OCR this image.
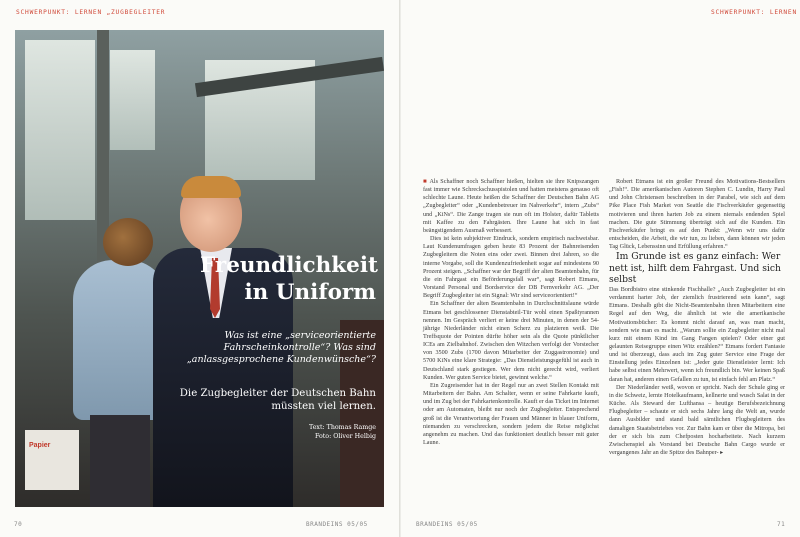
SCHWERPUNKT: LERNEN „ZUGBEGLEITER	SCHWERPUNKT: LERNEN
Papier
Freundlichkeit
in Uniform
Was ist eine „serviceorientierte Fahrscheinkontrolle“? Was sind „anlassgesprochene Kundenwünsche“?
Die Zugbegleiter der Deutschen Bahn müssten viel lernen.
Text: Thomas Ramge
Foto: Oliver Helbig

■ Als Schaffner noch Schaffner hießen, hielten sie ihre Knipszangen fast immer wie Schreckschusspistolen und hatten meistens genauso oft schlechte Laune. Heute heißen die Schaffner der Deutschen Bahn AG „Zugbegleiter“ oder „Kundenbetreuer im Nahverkehr“, intern „Zubs“ und „KiNs“. Die Zange tragen sie nun oft im Holster, dafür Tabletts mit Kaffee zu den Fahrgästen. Ihre Laune hat sich in fast beängstigendem Ausmaß verbessert.

Dies ist kein subjektiver Eindruck, sondern empirisch nachweisbar. Laut Kundenumfragen geben heute 83 Prozent der Bahnreisenden Zugbegleitern die Noten eins oder zwei. Binnen drei Jahren, so die interne Vorgabe, soll die Kundenzufriedenheit sogar auf mindestens 90 Prozent steigen. „Schaffner war der Begriff der alten Beamtenbahn, für die ein Fahrgast ein Beförderungsfall war“, sagt Robert Etmans, Vorstand Personal und Bordservice der DB Fernverkehr AG. „Der Begriff Zugbegleiter ist ein Signal: Wir sind serviceorientiert!“

Ein Schaffner der alten Beamtenbahn in Durchschnittslaune würde Etmans bei geschlossener Dienstabteil-Tür wohl einen Spaßtyrannen nennen. Im Gespräch verliert er keine drei Minuten, in denen der 54-jährige Niederländer nicht einen Scherz zu platzieren weiß. Die Treffsquote der Pointen dürfte höher sein als die Quote pünktlicher ICEs am Zielbahnhof. Zwischen den Witzchen verfolgt der Vorstecher von 3500 Zubs (1700 davon Mitarbeiter der Zuggastronomie) und 5700 KiNs eine klare Strategie: „Das Dienstleistungsgefühl ist auch in Deutschland stark gestiegen. Wer dem nicht gerecht wird, verliert Kunden. Wer guten Service bietet, gewinnt welche.“

Ein Zugreisender hat in der Regel nur an zwei Stellen Kontakt mit Mitarbeitern der Bahn. Am Schalter, wenn er seine Fahrkarte kauft, und im Zug bei der Fahrkartenkontrolle. Kauft er das Ticket im Internet oder am Automaten, bleibt nur noch der Zugbegleiter. Entsprechend groß ist die Verantwortung der Frauen und Männer in blauer Uniform, niemanden zu verschrecken, sondern jedem die Reise möglichst angenehm zu machen. Und das funktioniert deutlich besser mit guter Laune.

Robert Etmans ist ein großer Freund des Motivations-Bestsellers „Fish!“. Die amerikanischen Autoren Stephen C. Lundin, Harry Paul und John Christensen beschreiben in der Parabel, wie sich auf dem Pike Place Fish Market von Seattle die Fischverkäufer gegenseitig motivieren und ihren harten Job zu einem niemals endenden Spiel machen. Die gute Stimmung überträgt sich auf die Kunden. Ein Fischverkäufer bringt es auf den Punkt: „Wenn wir uns dafür entscheiden, die Arbeit, die wir tun, zu lieben, dann können wir jeden Tag Glück, Lebenssinn und Erfüllung erfahren.“

Im Grunde ist es ganz einfach: Wer nett ist, hilft dem Fahrgast. Und sich selbst

Das Bordbistro eine stinkende Fischhalle? „Auch Zugbegleiter ist ein verdammt harter Job, der ziemlich frustrierend sein kann“, sagt Etmans. Deshalb gibt die Nicht-Beamtenbahn ihren Mitarbeitern eine Regel auf den Weg, die ähnlich ist wie die amerikanische Motivationsbücher: Es kommt nicht darauf an, was man macht, sondern wie man es macht. „Warum sollte ein Zugbegleiter nicht mal kurz mit einem Kind im Gang Fangen spielen? Oder einer gut gelaunten Reisegruppe einen Witz erzählen?“ Etmans fordert Fantasie und ist überzeugt, dass auch im Zug guter Service eine Frage der Einstellung jedes Einzelnen ist: „Jeder gute Dienstleister lernt: Ich habe selbst einen Mehrwert, wenn ich freundlich bin. Wer keinen Spaß daran hat, anderen einen Gefallen zu tun, ist einfach fehl am Platz.“

Der Niederländer weiß, wovon er spricht. Nach der Schule ging er in die Schweiz, lernte Hotelkaufmann, kellnerte und wusch Salat in der Küche. Als Steward der Lufthansa – heutige Berufsbezeichnung Flugbegleiter – schaute er sich sechs Jahre lang die Welt an, wurde dann Ausbilder und stand bald sämtlichen Flugbegleitern des damaligen Staatsbetriebes vor. Zur Bahn kam er über die Mitropa, bei der er sich bis zum Chefposten hocharbeitete. Nach kurzem Zwischenspiel als Vorstand bei Deutsche Bahn Cargo wurde er vergangenes Jahr an die Spitze des Bahnper- ▸

70	BRANDEINS 05/05	BRANDEINS 05/05	71
